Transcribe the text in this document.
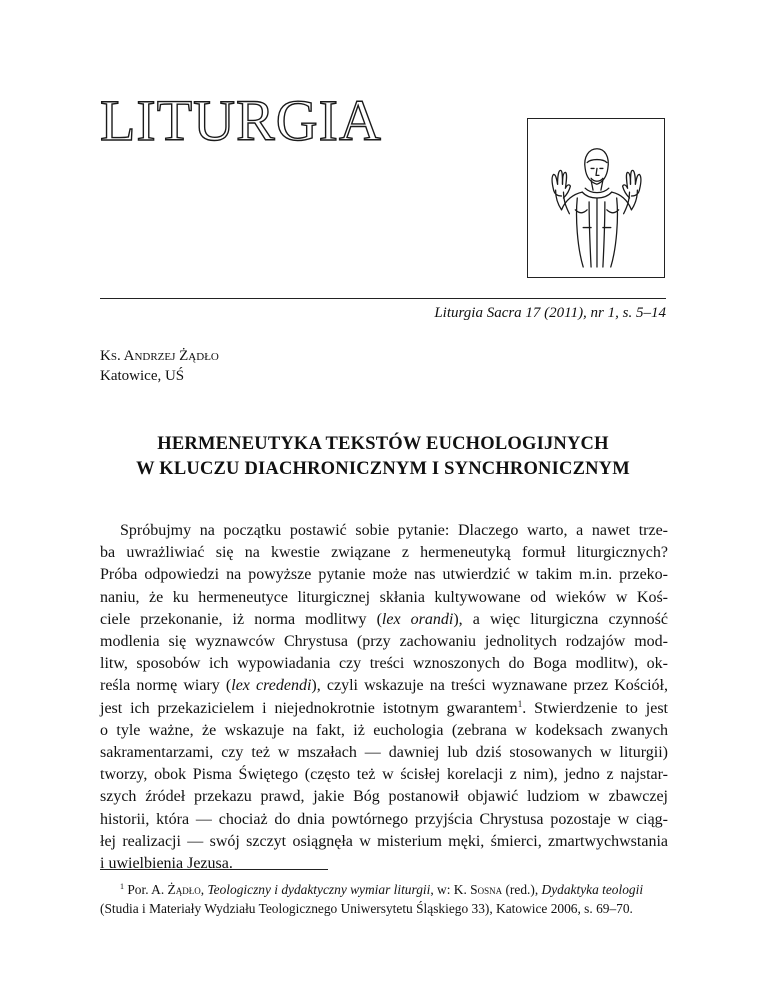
LITURGIA
Liturgia Sacra 17 (2011), nr 1, s. 5–14
Ks. Andrzej Żądło
Katowice, UŚ
HERMENEUTYKA TEKSTÓW EUCHOLOGIJNYCH
W KLUCZU DIACHRONICZNYM I SYNCHRONICZNYM
Spróbujmy na początku postawić sobie pytanie: Dlaczego warto, a nawet trze-
ba uwrażliwiać się na kwestie związane z hermeneutyką formuł liturgicznych?
Próba odpowiedzi na powyższe pytanie może nas utwierdzić w takim m.in. przeko-
naniu, że ku hermeneutyce liturgicznej skłania kultywowane od wieków w Koś-
ciele przekonanie, iż norma modlitwy (lex orandi), a więc liturgiczna czynność
modlenia się wyznawców Chrystusa (przy zachowaniu jednolitych rodzajów mod-
litw, sposobów ich wypowiadania czy treści wznoszonych do Boga modlitw), ok-
reśla normę wiary (lex credendi), czyli wskazuje na treści wyznawane przez Kościół,
jest ich przekazicielem i niejednokrotnie istotnym gwarantem$^1$. Stwierdzenie to jest
o tyle ważne, że wskazuje na fakt, iż euchologia (zebrana w kodeksach zwanych
sakramentarzami, czy też w mszałach — dawniej lub dziś stosowanych w liturgii)
tworzy, obok Pisma Świętego (często też w ścisłej korelacji z nim), jedno z najstar-
szych źródeł przekazu prawd, jakie Bóg postanowił objawić ludziom w zbawczej
historii, która — chociaż do dnia powtórnego przyjścia Chrystusa pozostaje w ciąg-
łej realizacji — swój szczyt osiągnęła w misterium męki, śmierci, zmartwychwstania
i uwielbienia Jezusa.
$^1$ Por. A. Żądło, Teologiczny i dydaktyczny wymiar liturgii, w: K. Sosna (red.), Dydaktyka teologii
(Studia i Materiały Wydziału Teologicznego Uniwersytetu Śląskiego 33), Katowice 2006, s. 69–70.
